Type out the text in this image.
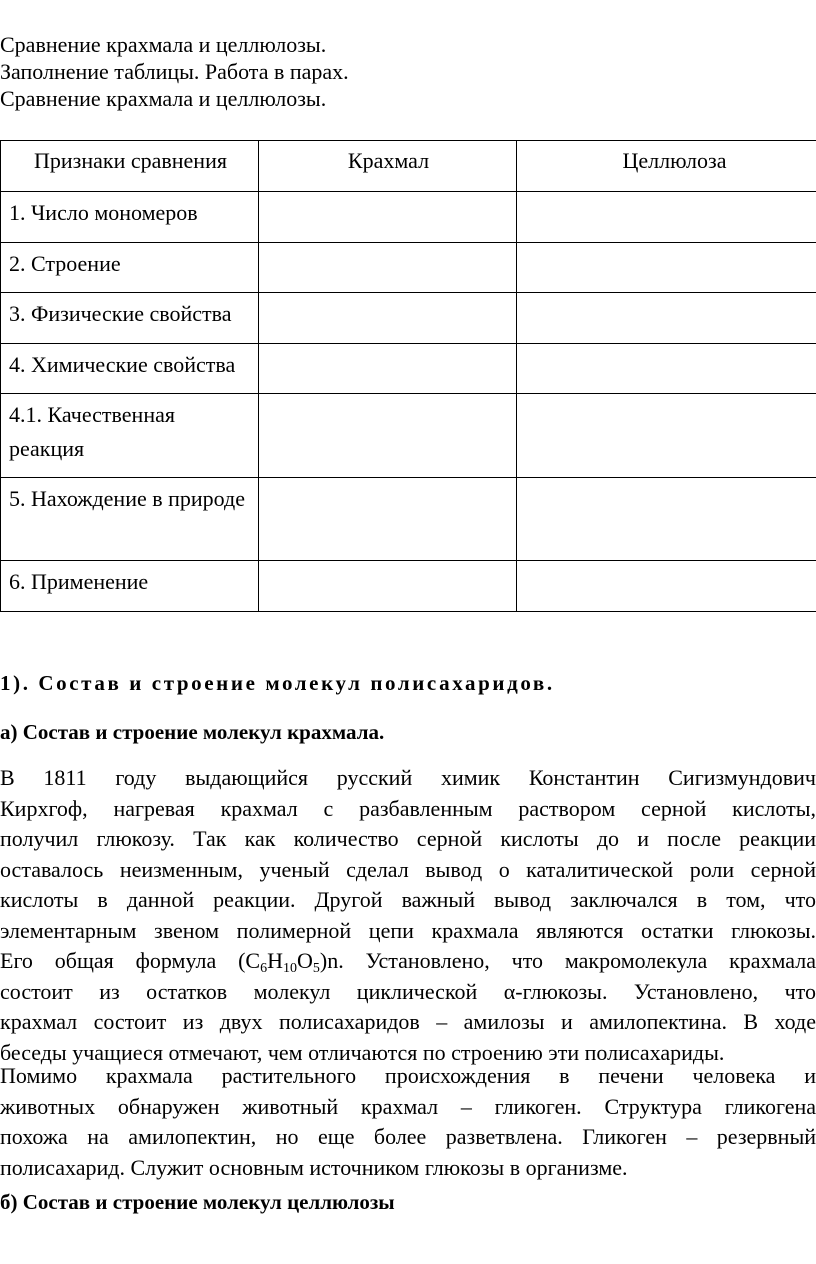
Сравнение крахмала и целлюлозы.
Заполнение таблицы. Работа в парах.
Сравнение крахмала и целлюлозы.
Признаки сравнения	Крахмал	Целлюлоза
1. Число мономеров		
2. Строение		
3. Физические свойства		
4. Химические свойства		
4.1. Качественная реакция		
5. Нахождение в природе		
6. Применение		
1). Состав и строение молекул полисахаридов.
а) Состав и строение молекул крахмала.
В 1811 году выдающийся русский химик Константин Сигизмундович
Кирхгоф, нагревая крахмал с разбавленным раствором серной кислоты,
получил глюкозу. Так как количество серной кислоты до и после реакции
оставалось неизменным, ученый сделал вывод о каталитической роли серной
кислоты в данной реакции. Другой важный вывод заключался в том, что
элементарным звеном полимерной цепи крахмала являются остатки глюкозы.
Его общая формула $(C_6H_{10}O_5)n$. Установлено, что макромолекула крахмала
состоит из остатков молекул циклической α-глюкозы. Установлено, что
крахмал состоит из двух полисахаридов – амилозы и амилопектина. В ходе
беседы учащиеся отмечают, чем отличаются по строению эти полисахариды.
Помимо крахмала растительного происхождения в печени человека и
животных обнаружен животный крахмал – гликоген. Структура гликогена
похожа на амилопектин, но еще более разветвлена. Гликоген – резервный
полисахарид. Служит основным источником глюкозы в организме.
б) Состав и строение молекул целлюлозы
